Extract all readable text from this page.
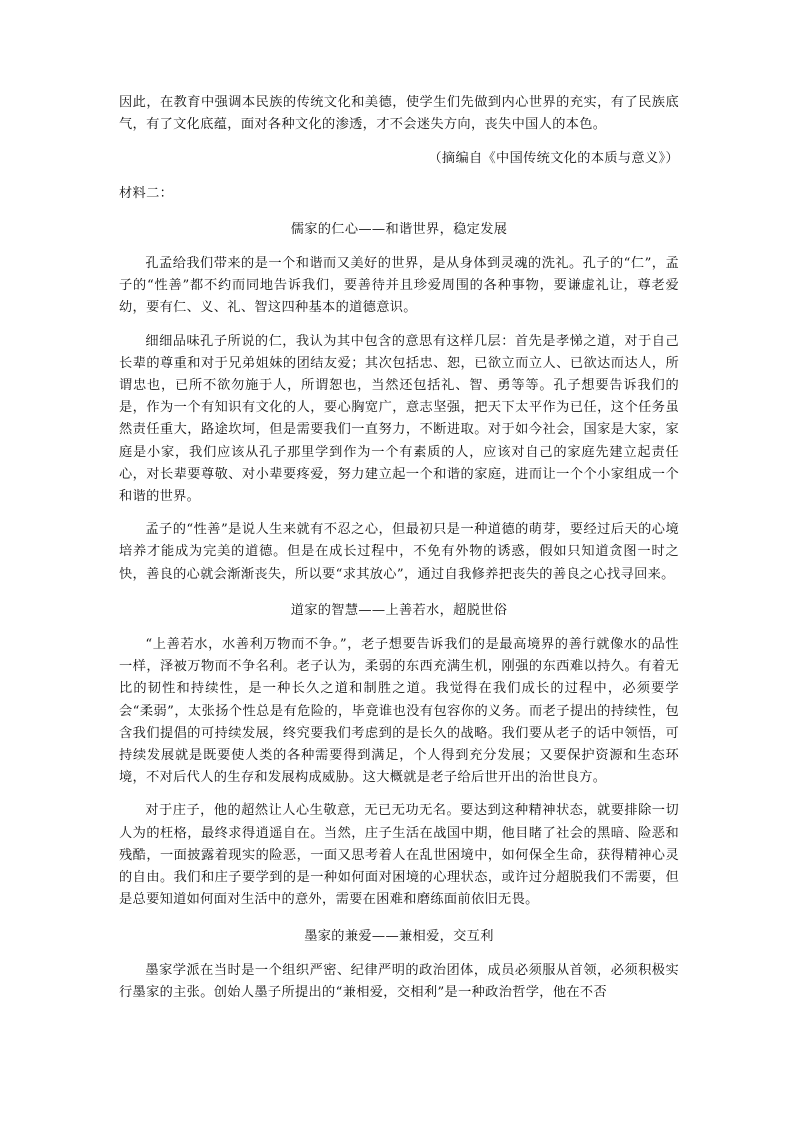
因此，在教育中强调本民族的传统文化和美德，使学生们先做到内心世界的充实，有了民族底气，有了文化底蕴，面对各种文化的渗透，才不会迷失方向，丧失中国人的本色。

（摘编自《中国传统文化的本质与意义》）

材料二：

儒家的仁心——和谐世界，稳定发展

孔孟给我们带来的是一个和谐而又美好的世界，是从身体到灵魂的洗礼。孔子的“仁”，孟子的“性善”都不约而同地告诉我们，要善待并且珍爱周围的各种事物，要谦虚礼让，尊老爱幼，要有仁、义、礼、智这四种基本的道德意识。

细细品味孔子所说的仁，我认为其中包含的意思有这样几层：首先是孝悌之道，对于自己长辈的尊重和对于兄弟姐妹的团结友爱；其次包括忠、恕，已欲立而立人、已欲达而达人，所谓忠也，已所不欲勿施于人，所谓恕也，当然还包括礼、智、勇等等。孔子想要告诉我们的是，作为一个有知识有文化的人，要心胸宽广，意志坚强，把天下太平作为已任，这个任务虽然责任重大，路途坎坷，但是需要我们一直努力，不断进取。对于如今社会，国家是大家，家庭是小家，我们应该从孔子那里学到作为一个有素质的人，应该对自己的家庭先建立起责任心，对长辈要尊敬、对小辈要疼爱，努力建立起一个和谐的家庭，进而让一个个小家组成一个和谐的世界。

孟子的“性善”是说人生来就有不忍之心，但最初只是一种道德的萌芽，要经过后天的心境培养才能成为完美的道德。但是在成长过程中，不免有外物的诱惑，假如只知道贪图一时之快，善良的心就会渐渐丧失，所以要“求其放心”，通过自我修养把丧失的善良之心找寻回来。

道家的智慧——上善若水，超脱世俗

“上善若水，水善利万物而不争。”，老子想要告诉我们的是最高境界的善行就像水的品性一样，泽被万物而不争名利。老子认为，柔弱的东西充满生机，刚强的东西难以持久。有着无比的韧性和持续性，是一种长久之道和制胜之道。我觉得在我们成长的过程中，必须要学会“柔弱”，太张扬个性总是有危险的，毕竟谁也没有包容你的义务。而老子提出的持续性，包含我们提倡的可持续发展，终究要我们考虑到的是长久的战略。我们要从老子的话中领悟，可持续发展就是既要使人类的各种需要得到满足，个人得到充分发展；又要保护资源和生态环境，不对后代人的生存和发展构成威胁。这大概就是老子给后世开出的治世良方。

对于庄子，他的超然让人心生敬意，无已无功无名。要达到这种精神状态，就要排除一切人为的枉格，最终求得逍遥自在。当然，庄子生活在战国中期，他目睹了社会的黑暗、险恶和残酷，一面披露着现实的险恶，一面又思考着人在乱世困境中，如何保全生命，获得精神心灵的自由。我们和庄子要学到的是一种如何面对困境的心理状态，或许过分超脱我们不需要，但是总要知道如何面对生活中的意外，需要在困难和磨练面前依旧无畏。

墨家的兼爱——兼相爱，交互利

墨家学派在当时是一个组织严密、纪律严明的政治团体，成员必须服从首领，必须积极实行墨家的主张。创始人墨子所提出的“兼相爱，交相利”是一种政治哲学，他在不否
